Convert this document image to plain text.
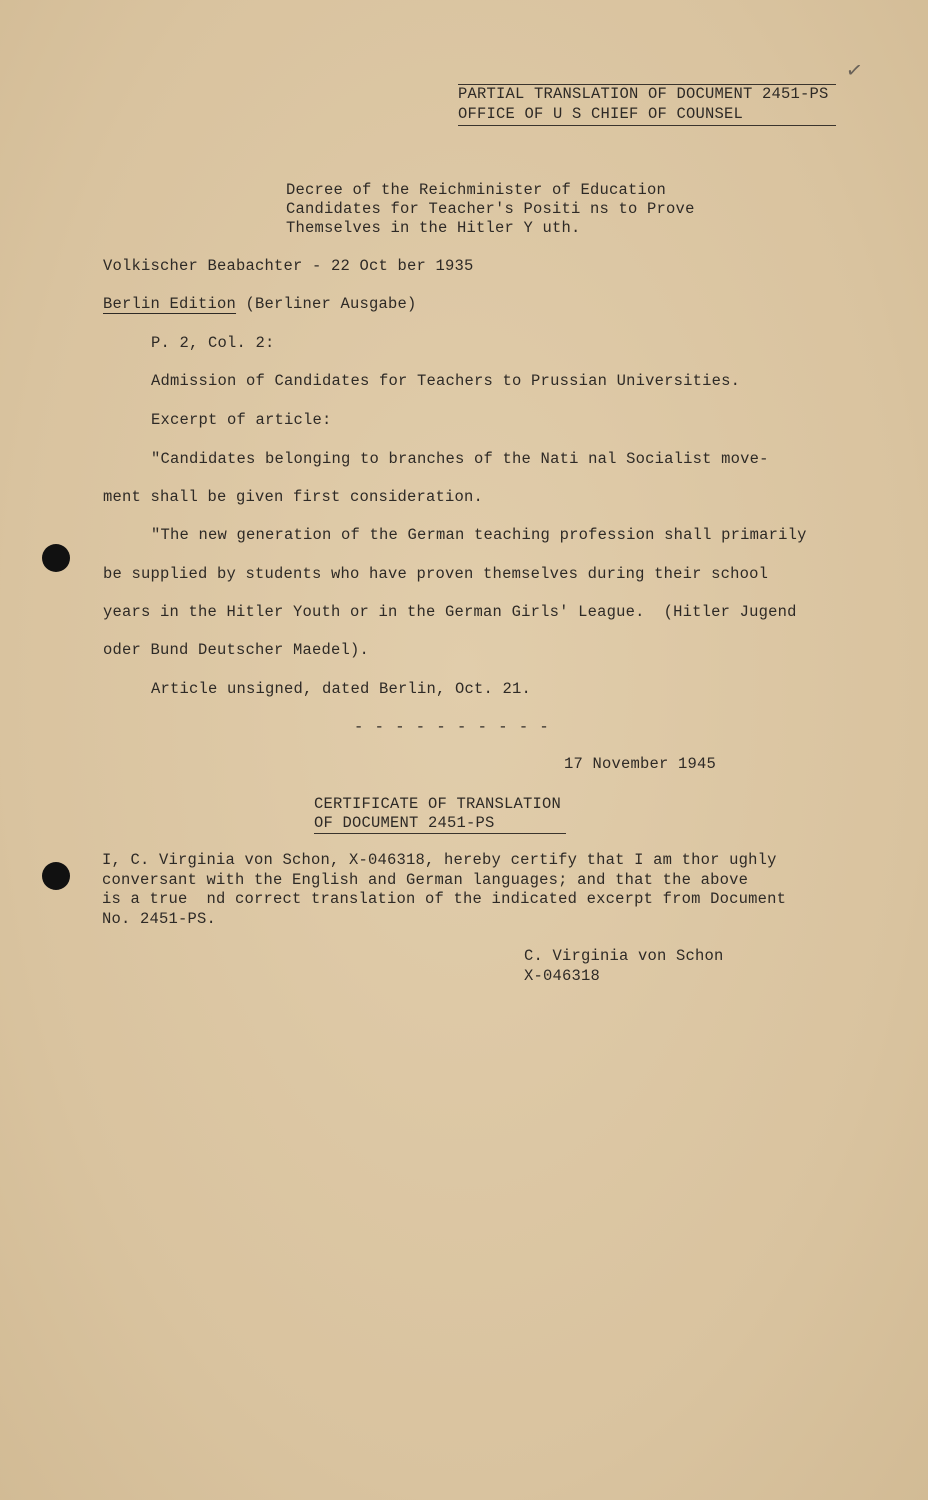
✓
PARTIAL TRANSLATION OF DOCUMENT 2451-PS
OFFICE OF U S CHIEF OF COUNSEL
Decree of the Reichminister of Education
Candidates for Teacher's Positi ns to Prove
Themselves in the Hitler Y uth.
Volkischer Beabachter - 22 Oct ber 1935
Berlin Edition (Berliner Ausgabe)
P. 2, Col. 2:
Admission of Candidates for Teachers to Prussian Universities.
Excerpt of article:
"Candidates belonging to branches of the Nati nal Socialist move-
ment shall be given first consideration.
"The new generation of the German teaching profession shall primarily
be supplied by students who have proven themselves during their school
years in the Hitler Youth or in the German Girls' League.  (Hitler Jugend
oder Bund Deutscher Maedel).
Article unsigned, dated Berlin, Oct. 21.
- - - - - - - - - -
17 November 1945
CERTIFICATE OF TRANSLATION
OF DOCUMENT 2451-PS
I, C. Virginia von Schon, X-046318, hereby certify that I am thor ughly
conversant with the English and German languages; and that the above
is a true  nd correct translation of the indicated excerpt from Document
No. 2451-PS.
C. Virginia von Schon
X-046318
